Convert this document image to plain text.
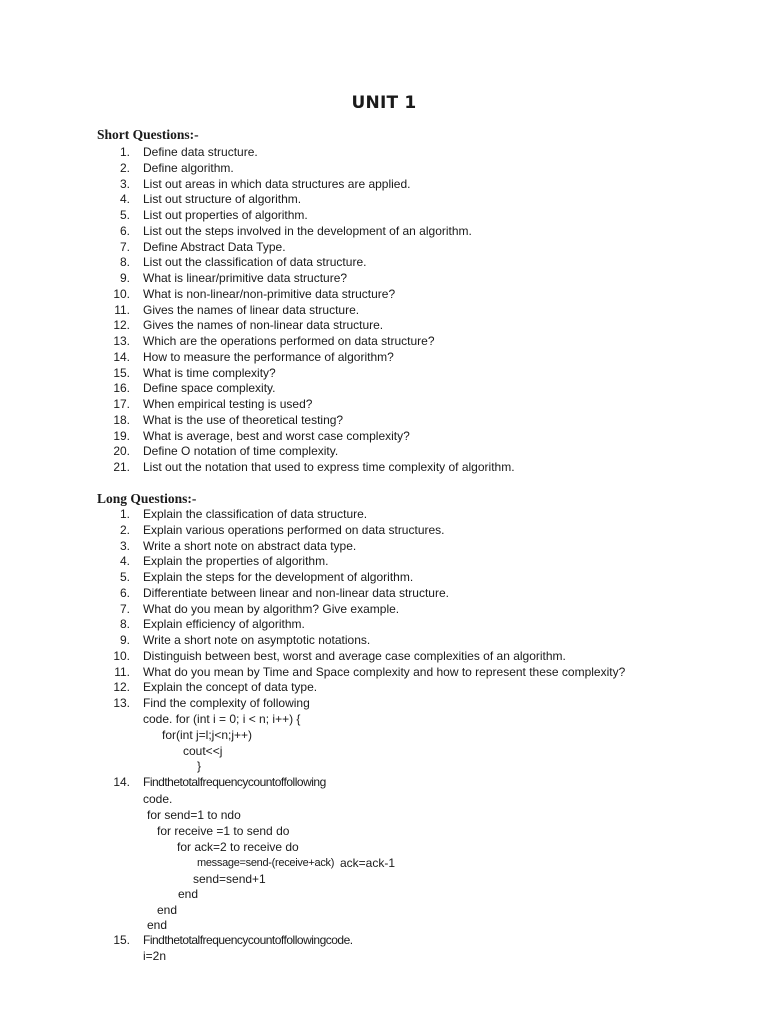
UNIT 1
Short Questions:-
1. Define data structure.
2. Define algorithm.
3. List out areas in which data structures are applied.
4. List out structure of algorithm.
5. List out properties of algorithm.
6. List out the steps involved in the development of an algorithm.
7. Define Abstract Data Type.
8. List out the classification of data structure.
9. What is linear/primitive data structure?
10. What is non-linear/non-primitive data structure?
11. Gives the names of linear data structure.
12. Gives the names of non-linear data structure.
13. Which are the operations performed on data structure?
14. How to measure the performance of algorithm?
15. What is time complexity?
16. Define space complexity.
17. When empirical testing is used?
18. What is the use of theoretical testing?
19. What is average, best and worst case complexity?
20. Define O notation of time complexity.
21. List out the notation that used to express time complexity of algorithm.
Long Questions:-
1. Explain the classification of data structure.
2. Explain various operations performed on data structures.
3. Write a short note on abstract data type.
4. Explain the properties of algorithm.
5. Explain the steps for the development of algorithm.
6. Differentiate between linear and non-linear data structure.
7. What do you mean by algorithm? Give example.
8. Explain efficiency of algorithm.
9. Write a short note on asymptotic notations.
10. Distinguish between best, worst and average case complexities of an algorithm.
11. What do you mean by Time and Space complexity and how to represent these complexity?
12. Explain the concept of data type.
13. Find the complexity of following
code. for (int i = 0; i < n; i++) {
for(int j=l;j<n;j++)
cout<<j
}
14. Findthetotalfrequencycountoffollowing
code.
for send=1 to ndo
for receive =1 to send do
for ack=2 to receive do
message=send-(receive+ack) ack=ack-1
send=send+1
end
end
end
15. Findthetotalfrequencycountoffollowingcode.
i=2n
